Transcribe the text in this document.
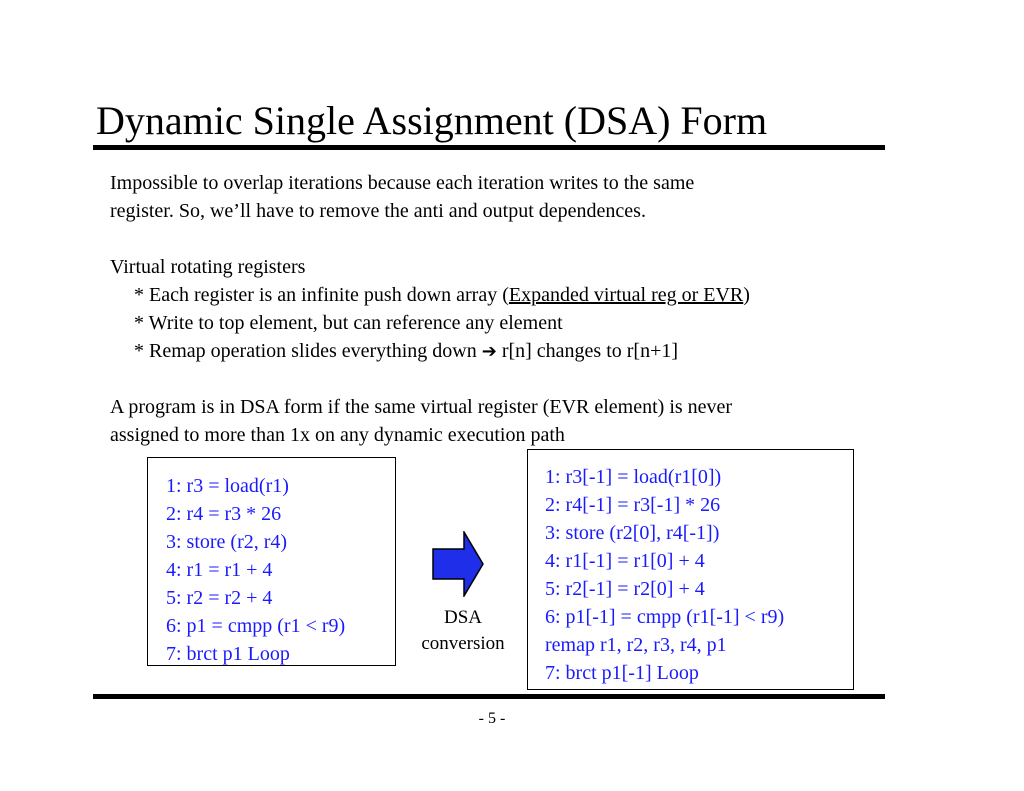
Dynamic Single Assignment (DSA) Form
Impossible to overlap iterations because each iteration writes to the same
register. So, we’ll have to remove the anti and output dependences.
Virtual rotating registers
* Each register is an infinite push down array (Expanded virtual reg or EVR)
* Write to top element, but can reference any element
* Remap operation slides everything down ➔ r[n] changes to r[n+1]
A program is in DSA form if the same virtual register (EVR element) is never
assigned to more than 1x on any dynamic execution path
1: r3 = load(r1)
2: r4 = r3 * 26
3: store (r2, r4)
4: r1 = r1 + 4
5: r2 = r2 + 4
6: p1 = cmpp (r1 < r9)
7: brct p1 Loop
DSA
conversion
1: r3[-1] = load(r1[0])
2: r4[-1] = r3[-1] * 26
3: store (r2[0], r4[-1])
4: r1[-1] = r1[0] + 4
5: r2[-1] = r2[0] + 4
6: p1[-1] = cmpp (r1[-1] < r9)
remap r1, r2, r3, r4, p1
7: brct p1[-1] Loop
- 5 -
